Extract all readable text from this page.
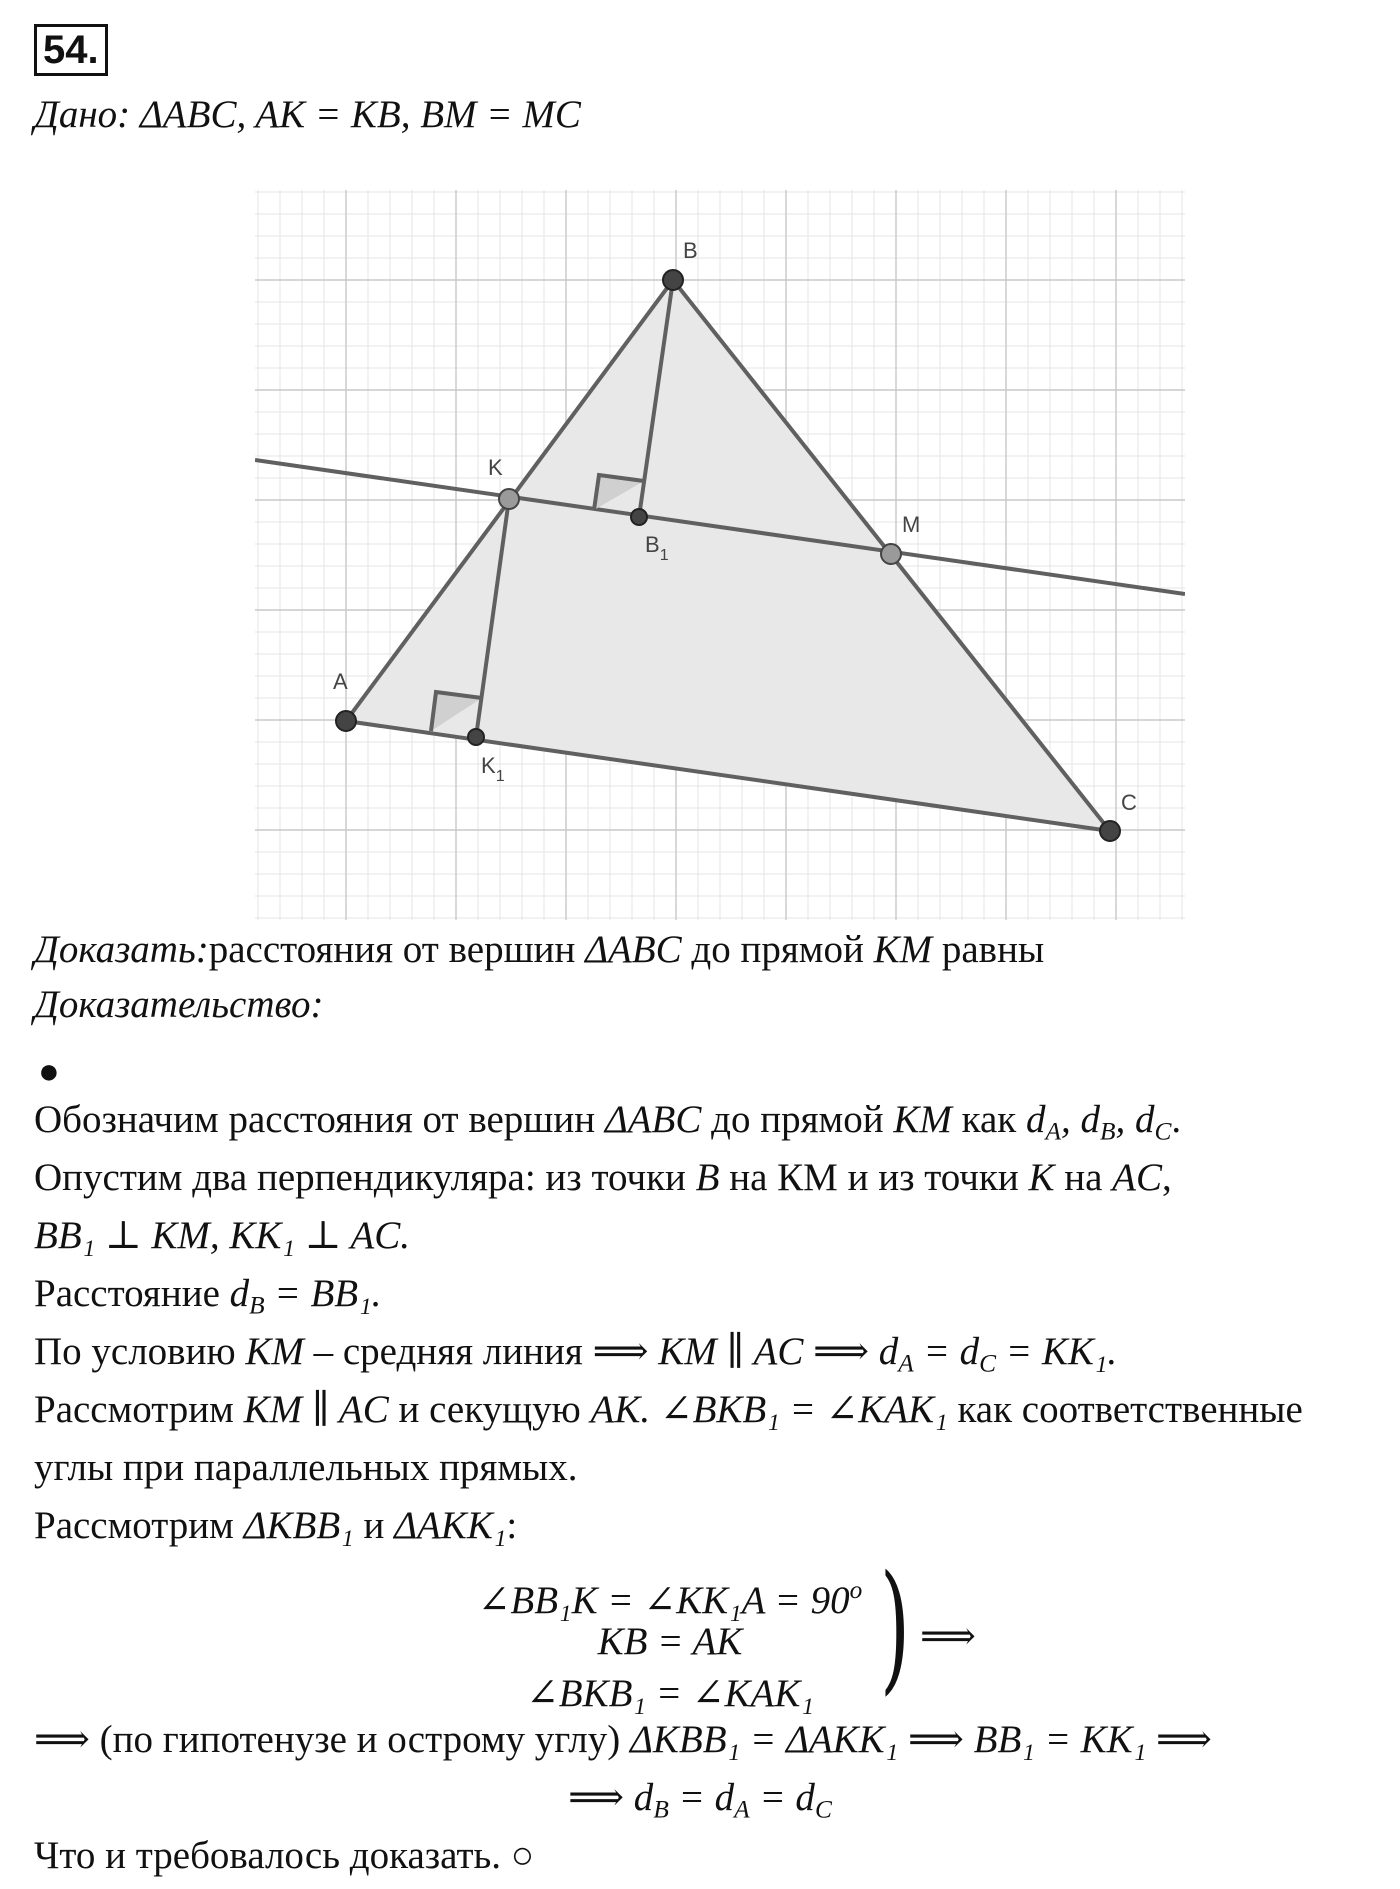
54.
Дано: ΔABC, AK = KB, BM = MC
B
A
C
K
M
$B_1$
$K_1$
Доказать:расстояния от вершин ΔABC до прямой KM равны
Доказательство:
●
Обозначим расстояния от вершин ΔABC до прямой KM как $d_A$, $d_B$, $d_C$.
Опустим два перпендикуляра: из точки B на КМ и из точки K на AC,
BB₁ ⊥ KM, KK₁ ⊥ AC.
Расстояние $d_B = BB_1$.
По условию KM – средняя линия ⟹ KM ∥ AC ⟹ $d_A = d_C = KK_1$.
Рассмотрим KM ∥ AC и секущую AK. ∠BKB₁ = ∠KAK₁ как соответственные
углы при параллельных прямых.
Рассмотрим ΔKBB₁ и ΔAKK₁:
∠BB₁K = ∠KK₁A = $90^o$
KB = AK
∠BKB₁ = ∠KAK₁ ) ⟹
⟹ (по гипотенузе и острому углу) ΔKBB₁ = ΔAKK₁ ⟹ BB₁ = KK₁ ⟹
⟹ $d_B = d_A = d_C$
Что и требовалось доказать. ○
